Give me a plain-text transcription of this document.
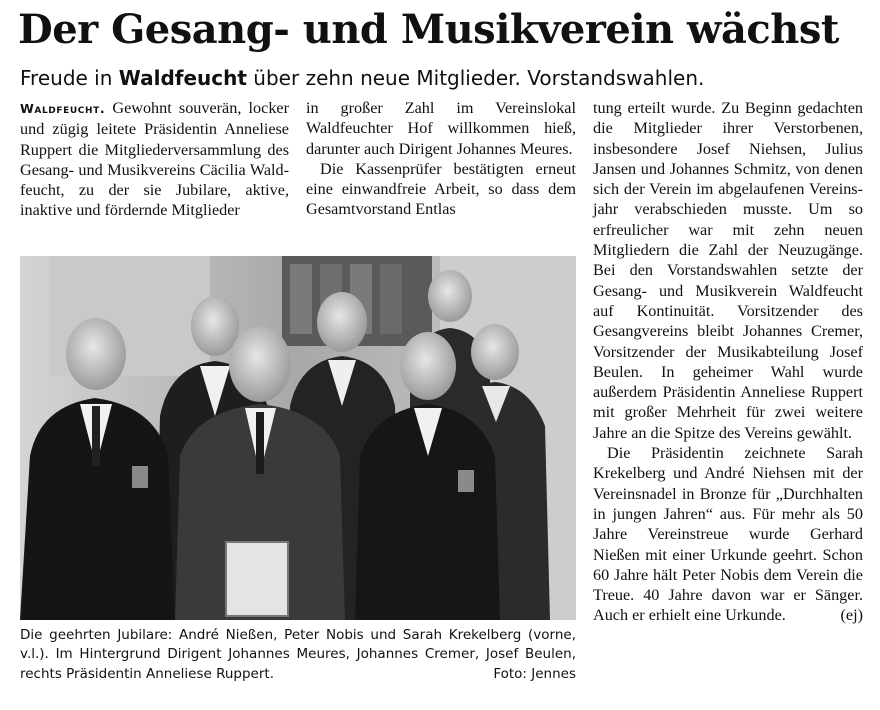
Der Gesang- und Musikverein wächst

Freude in Waldfeucht über zehn neue Mitglieder. Vorstandswahlen.

Waldfeucht. Gewohnt souverän, locker und zügig leitete Präsidentin Anneliese Ruppert die Mitgliederversammlung des Gesang- und Musikvereins Cäcilia Waldfeucht, zu der sie Jubilare, aktive, inaktive und fördernde Mitglieder

in großer Zahl im Vereinslokal Waldfeuchter Hof willkommen hieß, darunter auch Dirigent Johannes Meures.

Die Kassenprüfer bestätigten erneut eine einwandfreie Arbeit, so dass dem Gesamtvorstand Entlas

tung erteilt wurde. Zu Beginn gedachten die Mitglieder ihrer Verstorbenen, insbesondere Josef Niehsen, Julius Jansen und Johannes Schmitz, von denen sich der Verein im abgelaufenen Vereinsjahr verabschieden musste. Um so erfreulicher war mit zehn neuen Mitgliedern die Zahl der Neuzugänge. Bei den Vorstandswahlen setzte der Gesang- und Musikverein Waldfeucht auf Kontinuität. Vorsitzender des Gesangvereins bleibt Johannes Cremer, Vorsitzender der Musikabteilung Josef Beulen. In geheimer Wahl wurde außerdem Präsidentin Anneliese Ruppert mit großer Mehrheit für zwei weitere Jahre an die Spitze des Vereins gewählt.

Die Präsidentin zeichnete Sarah Krekelberg und André Niehsen mit der Vereinsnadel in Bronze für „Durchhalten in jungen Jahren“ aus. Für mehr als 50 Jahre Vereinstreue wurde Gerhard Nießen mit einer Urkunde geehrt. Schon 60 Jahre hält Peter Nobis dem Verein die Treue. 40 Jahre davon war er Sänger. Auch er erhielt eine Urkunde.	(ej)

Die geehrten Jubilare: André Nießen, Peter Nobis und Sarah Krekelberg (vorne, v.l.). Im Hintergrund Dirigent Johannes Meures, Johannes Cremer, Josef Beulen, rechts Präsidentin Anneliese Ruppert.	Foto: Jennes
